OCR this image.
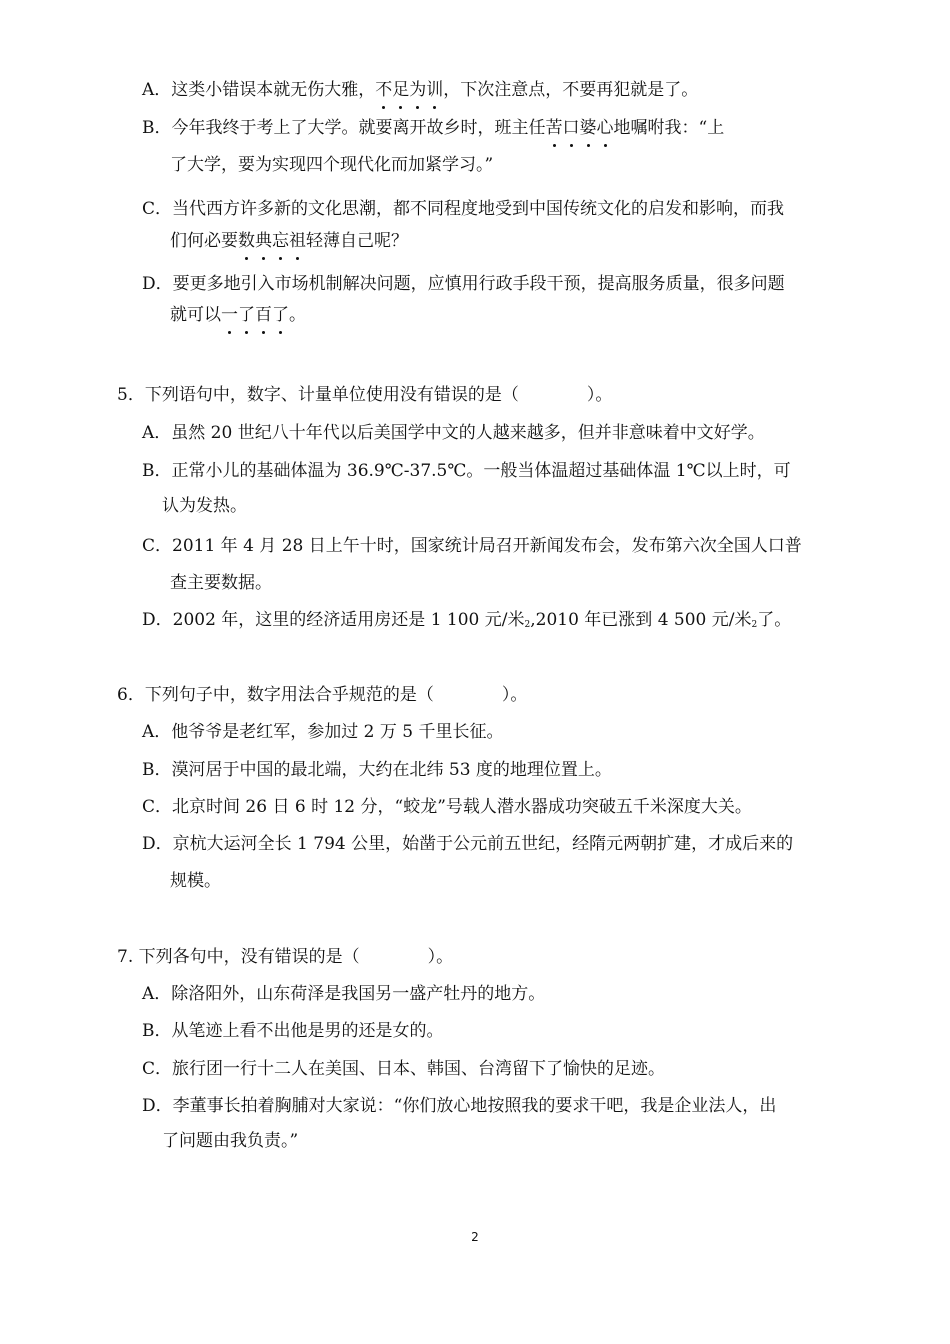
A．这类小错误本就无伤大雅，不足为训，下次注意点，不要再犯就是了。
B．今年我终于考上了大学。就要离开故乡时，班主任苦口婆心地嘱咐我：“上
了大学，要为实现四个现代化而加紧学习。”
C．当代西方许多新的文化思潮，都不同程度地受到中国传统文化的启发和影响，而我
们何必要数典忘祖轻薄自己呢？
D．要更多地引入市场机制解决问题，应慎用行政手段干预，提高服务质量，很多问题
就可以一了百了。
5．下列语句中，数字、计量单位使用没有错误的是（　　　　）。
A．虽然 20 世纪八十年代以后美国学中文的人越来越多，但并非意味着中文好学。
B．正常小儿的基础体温为 36.9℃-37.5℃。一般当体温超过基础体温 1℃以上时，可
认为发热。
C．2011 年 4 月 28 日上午十时，国家统计局召开新闻发布会，发布第六次全国人口普
查主要数据。
D．2002 年，这里的经济适用房还是 1 100 元/米$_2$,2010 年已涨到 4 500 元/米$_2$了。
6．下列句子中，数字用法合乎规范的是（　　　　）。
A．他爷爷是老红军，参加过 2 万 5 千里长征。
B．漠河居于中国的最北端，大约在北纬 53 度的地理位置上。
C．北京时间 26 日 6 时 12 分，“蛟龙”号载人潜水器成功突破五千米深度大关。
D．京杭大运河全长 1 794 公里，始凿于公元前五世纪，经隋元两朝扩建，才成后来的
规模。
7. 下列各句中，没有错误的是（　　　　）。
A．除洛阳外，山东荷泽是我国另一盛产牡丹的地方。
B．从笔迹上看不出他是男的还是女的。
C．旅行团一行十二人在美国、日本、韩国、台湾留下了愉快的足迹。
D．李董事长拍着胸脯对大家说：“你们放心地按照我的要求干吧，我是企业法人，出
了问题由我负责。”
2
